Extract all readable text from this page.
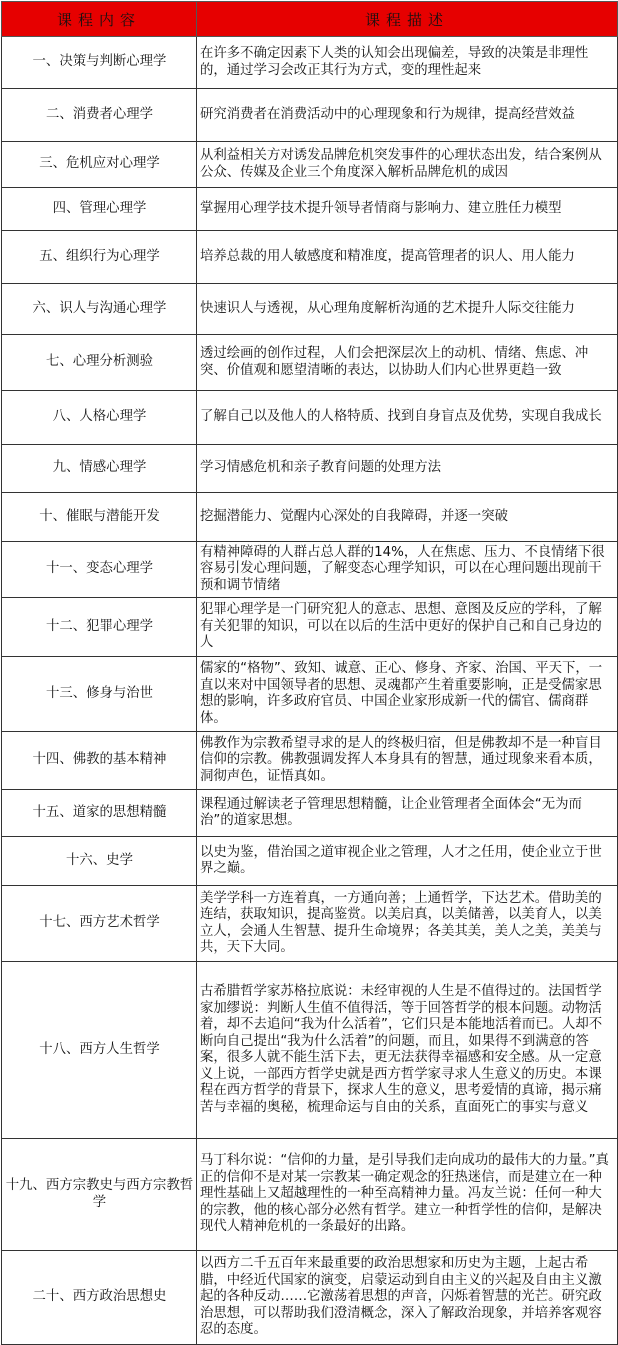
课程内容	课程描述
一、决策与判断心理学	在许多不确定因素下人类的认知会出现偏差，导致的决策是非理性的，通过学习会改正其行为方式，变的理性起来
二、消费者心理学	研究消费者在消费活动中的心理现象和行为规律，提高经营效益
三、危机应对心理学	从利益相关方对诱发品牌危机突发事件的心理状态出发，结合案例从公众、传媒及企业三个角度深入解析品牌危机的成因
四、管理心理学	掌握用心理学技术提升领导者情商与影响力、建立胜任力模型
五、组织行为心理学	培养总裁的用人敏感度和精准度，提高管理者的识人、用人能力
六、识人与沟通心理学	快速识人与透视，从心理角度解析沟通的艺术提升人际交往能力
七、心理分析测验	透过绘画的创作过程，人们会把深层次上的动机、情绪、焦虑、冲突、价值观和愿望清晰的表达，以协助人们内心世界更趋一致
八、人格心理学	了解自己以及他人的人格特质、找到自身盲点及优势，实现自我成长
九、情感心理学	学习情感危机和亲子教育问题的处理方法
十、催眠与潜能开发	挖掘潜能力、觉醒内心深处的自我障碍，并逐一突破
十一、变态心理学	有精神障碍的人群占总人群的14%，人在焦虑、压力、不良情绪下很容易引发心理问题，了解变态心理学知识，可以在心理问题出现前干预和调节情绪
十二、犯罪心理学	犯罪心理学是一门研究犯人的意志、思想、意图及反应的学科，了解有关犯罪的知识，可以在以后的生活中更好的保护自己和自己身边的人
十三、修身与治世	儒家的“格物”、致知、诚意、正心、修身、齐家、治国、平天下，一直以来对中国领导者的思想、灵魂都产生着重要影响，正是受儒家思想的影响，许多政府官员、中国企业家形成新一代的儒官、儒商群体。
十四、佛教的基本精神	佛教作为宗教希望寻求的是人的终极归宿，但是佛教却不是一种盲目信仰的宗教。佛教强调发挥人本身具有的智慧，通过现象来看本质，洞彻声色，证悟真如。
十五、道家的思想精髓	课程通过解读老子管理思想精髓，让企业管理者全面体会“无为而治”的道家思想。
十六、史学	以史为鉴，借治国之道审视企业之管理，人才之任用，使企业立于世界之巅。
十七、西方艺术哲学	美学学科一方连着真，一方通向善；上通哲学，下达艺术。借助美的连结，获取知识，提高鉴赏。以美启真，以美储善，以美育人，以美立人，会通人生智慧、提升生命境界；各美其美，美人之美，美美与共，天下大同。
十八、西方人生哲学	古希腊哲学家苏格拉底说：未经审视的人生是不值得过的。法国哲学家加缪说：判断人生值不值得活，等于回答哲学的根本问题。动物活着，却不去追问“我为什么活着”，它们只是本能地活着而已。人却不断向自己提出“我为什么活着”的问题，而且，如果得不到满意的答案，很多人就不能生活下去，更无法获得幸福感和安全感。从一定意义上说，一部西方哲学史就是西方哲学家寻求人生意义的历史。本课程在西方哲学的背景下，探求人生的意义，思考爱情的真谛，揭示痛苦与幸福的奥秘，梳理命运与自由的关系，直面死亡的事实与意义
十九、西方宗教史与西方宗教哲学	马丁科尔说：“信仰的力量，是引导我们走向成功的最伟大的力量。”真正的信仰不是对某一宗教某一确定观念的狂热迷信，而是建立在一种理性基础上又超越理性的一种至高精神力量。冯友兰说：任何一种大的宗教，他的核心部分必然有哲学。建立一种哲学性的信仰，是解决现代人精神危机的一条最好的出路。
二十、西方政治思想史	以西方二千五百年来最重要的政治思想家和历史为主题，上起古希腊，中经近代国家的演变，启蒙运动到自由主义的兴起及自由主义激起的各种反动……它激荡着思想的声音，闪烁着智慧的光芒。研究政治思想，可以帮助我们澄清概念，深入了解政治现象，并培养客观容忍的态度。
